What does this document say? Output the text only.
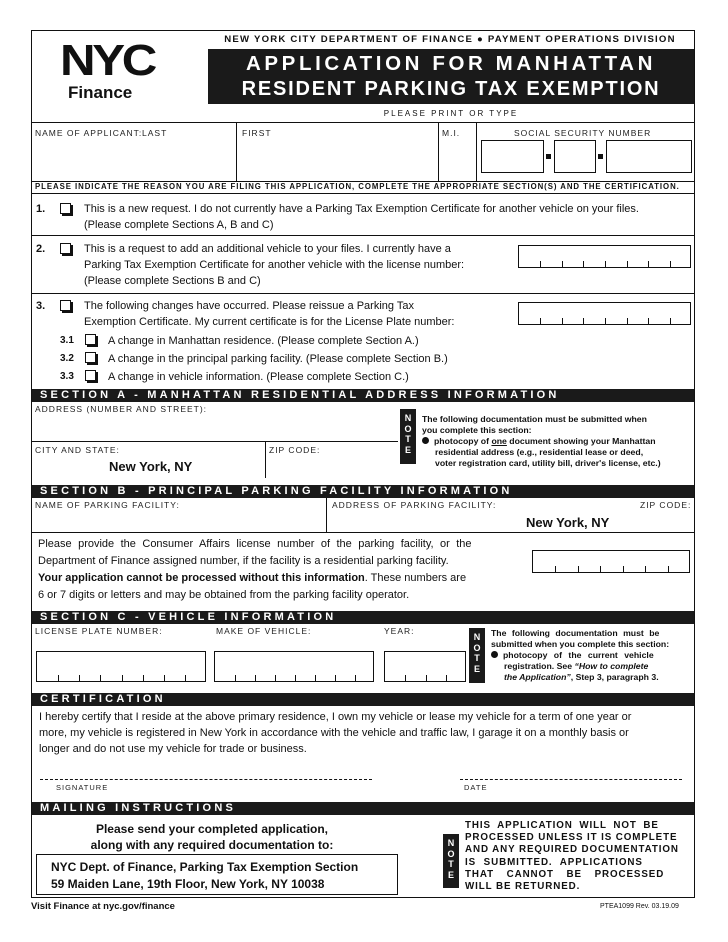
NYC
Finance
NEW YORK CITY DEPARTMENT OF FINANCE ● PAYMENT OPERATIONS DIVISION
APPLICATION FOR MANHATTAN
RESIDENT PARKING TAX EXEMPTION
PLEASE PRINT OR TYPE
NAME OF APPLICANT: LAST	FIRST	M.I.	SOCIAL SECURITY NUMBER
PLEASE INDICATE THE REASON YOU ARE FILING THIS APPLICATION, COMPLETE THE APPROPRIATE SECTION(S) AND THE CERTIFICATION.
1.	This is a new request. I do not currently have a Parking Tax Exemption Certificate for another vehicle on your files.
(Please complete Sections A, B and C)
2.	This is a request to add an additional vehicle to your files. I currently have a
Parking Tax Exemption Certificate for another vehicle with the license number:
(Please complete Sections B and C)
3.	The following changes have occurred. Please reissue a Parking Tax
Exemption Certificate. My current certificate is for the License Plate number:
3.1	A change in Manhattan residence. (Please complete Section A.)
3.2	A change in the principal parking facility. (Please complete Section B.)
3.3	A change in vehicle information. (Please complete Section C.)
SECTION A - MANHATTAN RESIDENTIAL ADDRESS INFORMATION
ADDRESS (NUMBER AND STREET):
CITY AND STATE:
New York, NY
ZIP CODE:
N
O
T
E
The following documentation must be submitted when
you complete this section:
photocopy of one document showing your Manhattan
residential address (e.g., residential lease or deed,
voter registration card, utility bill, driver's license, etc.)
SECTION B - PRINCIPAL PARKING FACILITY INFORMATION
NAME OF PARKING FACILITY:	ADDRESS OF PARKING FACILITY:	ZIP CODE:
New York, NY
Please provide the Consumer Affairs license number of the parking facility, or the
Department of Finance assigned number, if the facility is a residential parking facility.
Your application cannot be processed without this information. These numbers are
6 or 7 digits or letters and may be obtained from the parking facility operator.
SECTION C - VEHICLE INFORMATION
LICENSE PLATE NUMBER:	MAKE OF VEHICLE:	YEAR:
N
O
T
E
The following documentation must be
submitted when you complete this section:
photocopy of the current vehicle
registration. See “How to complete
the Application”, Step 3, paragraph 3.
CERTIFICATION
I hereby certify that I reside at the above primary residence, I own my vehicle or lease my vehicle for a term of one year or
more, my vehicle is registered in New York in accordance with the vehicle and traffic law, I garage it on a monthly basis or
longer and do not use my vehicle for trade or business.
SIGNATURE	DATE
MAILING INSTRUCTIONS
Please send your completed application,
along with any required documentation to:
NYC Dept. of Finance, Parking Tax Exemption Section
59 Maiden Lane, 19th Floor, New York, NY 10038
N
O
T
E
THIS APPLICATION WILL NOT BE
PROCESSED UNLESS IT IS COMPLETE
AND ANY REQUIRED DOCUMENTATION
IS SUBMITTED. APPLICATIONS
THAT CANNOT BE PROCESSED
WILL BE RETURNED.
Visit Finance at nyc.gov/finance	PTEA1099 Rev. 03.19.09
